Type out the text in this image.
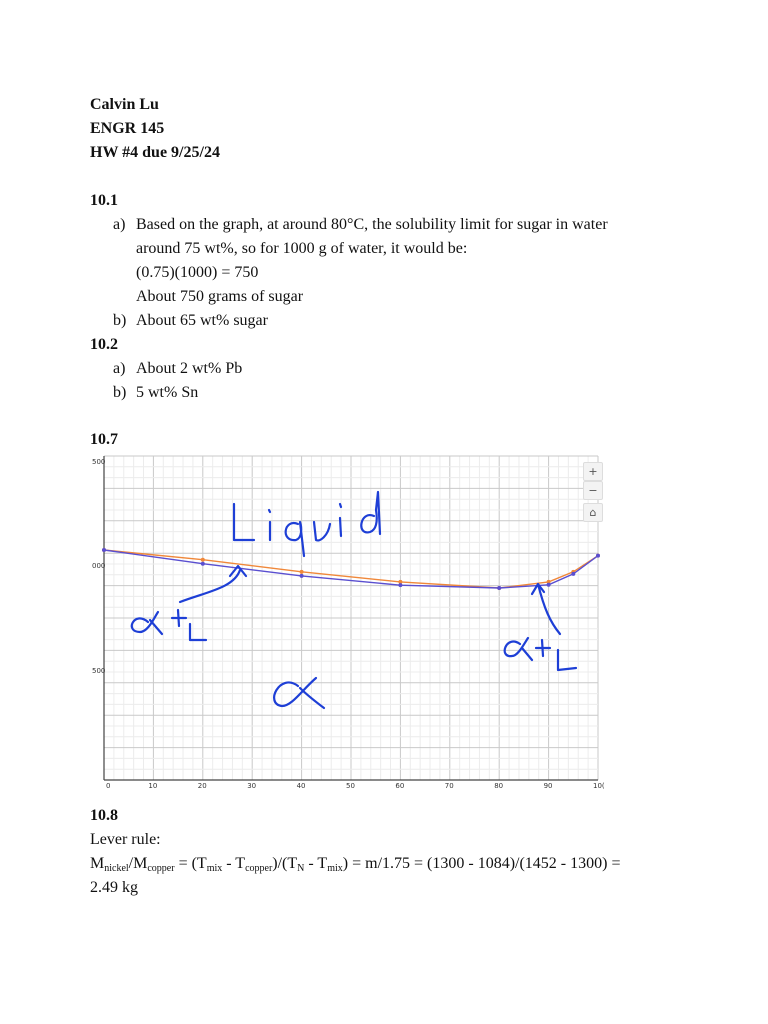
Calvin Lu
ENGR 145
HW #4 due 9/25/24
10.1
a) Based on the graph, at around 80°C, the solubility limit for sugar in water
around 75 wt%, so for 1000 g of water, it would be:
(0.75)(1000) = 750
About 750 grams of sugar
b) About 65 wt% sugar
10.2
a) About 2 wt% Pb
b) 5 wt% Sn
10.7
500
000
500
0	10	20	30	40	50	60	70	80	90	10(
+
−
⌂
10.8
Lever rule:
$M_{nickel}/M_{copper} = (T_{mix} - T_{copper})/(T_N - T_{mix}) = m/1.75 = (1300 - 1084)/(1452 - 1300)$ =
2.49 kg
